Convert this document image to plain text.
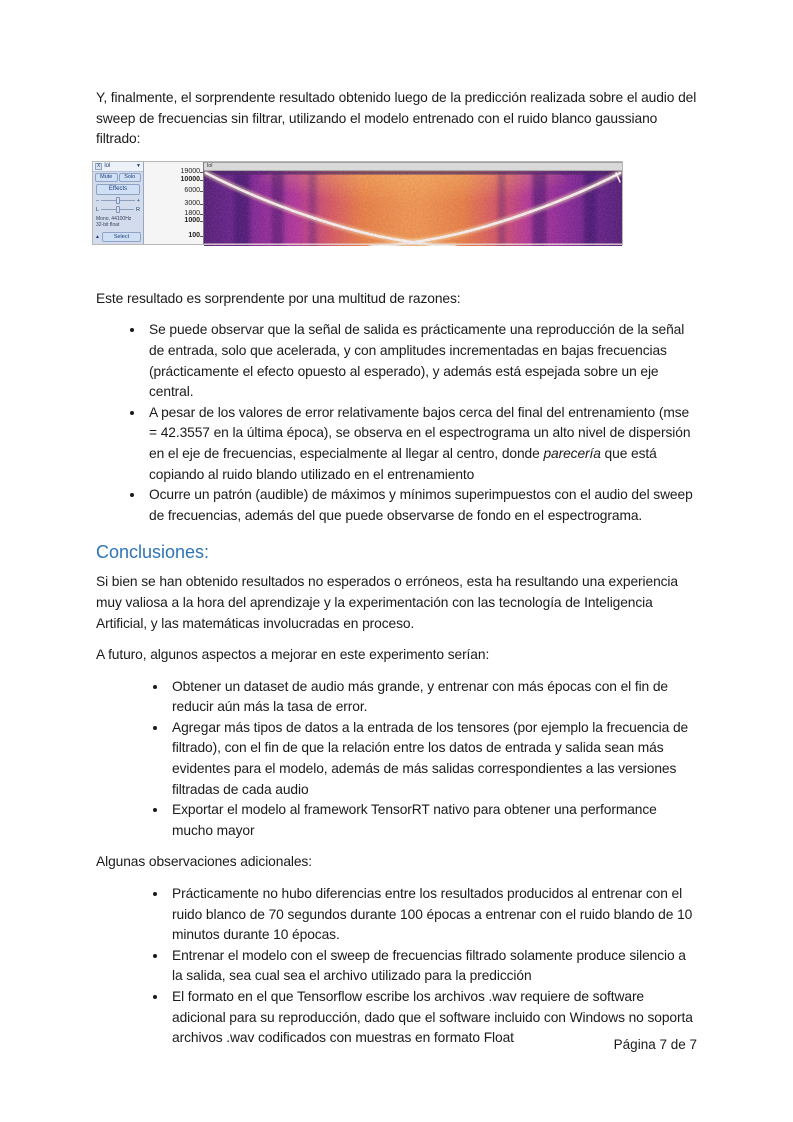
Y, finalmente, el sorprendente resultado obtenido luego de la predicción realizada sobre el audio del sweep de frecuencias sin filtrar, utilizando el modelo entrenado con el ruido blanco gaussiano filtrado:

X lol	▼
Mute	Solo
Effects
–	+
L	R
Mono, 44100Hz
32-bit float
▲	Select
19000
10000
6000
3000
1800
1000
100
lol

Este resultado es sorprendente por una multitud de razones:

• Se puede observar que la señal de salida es prácticamente una reproducción de la señal de entrada, solo que acelerada, y con amplitudes incrementadas en bajas frecuencias (prácticamente el efecto opuesto al esperado), y además está espejada sobre un eje central.
• A pesar de los valores de error relativamente bajos cerca del final del entrenamiento (mse = 42.3557 en la última época), se observa en el espectrograma un alto nivel de dispersión en el eje de frecuencias, especialmente al llegar al centro, donde parecería que está copiando al ruido blando utilizado en el entrenamiento
• Ocurre un patrón (audible) de máximos y mínimos superimpuestos con el audio del sweep de frecuencias, además del que puede observarse de fondo en el espectrograma.
Conclusiones:

Si bien se han obtenido resultados no esperados o erróneos, esta ha resultando una experiencia muy valiosa a la hora del aprendizaje y la experimentación con las tecnología de Inteligencia Artificial, y las matemáticas involucradas en proceso.

A futuro, algunos aspectos a mejorar en este experimento serían:

• Obtener un dataset de audio más grande, y entrenar con más épocas con el fin de reducir aún más la tasa de error.
• Agregar más tipos de datos a la entrada de los tensores (por ejemplo la frecuencia de filtrado), con el fin de que la relación entre los datos de entrada y salida sean más evidentes para el modelo, además de más salidas correspondientes a las versiones filtradas de cada audio
• Exportar el modelo al framework TensorRT nativo para obtener una performance mucho mayor

Algunas observaciones adicionales:

• Prácticamente no hubo diferencias entre los resultados producidos al entrenar con el ruido blanco de 70 segundos durante 100 épocas a entrenar con el ruido blando de 10 minutos durante 10 épocas.
• Entrenar el modelo con el sweep de frecuencias filtrado solamente produce silencio a la salida, sea cual sea el archivo utilizado para la predicción
• El formato en el que Tensorflow escribe los archivos .wav requiere de software adicional para su reproducción, dado que el software incluido con Windows no soporta archivos .wav codificados con muestras en formato Float	Página 7 de 7
